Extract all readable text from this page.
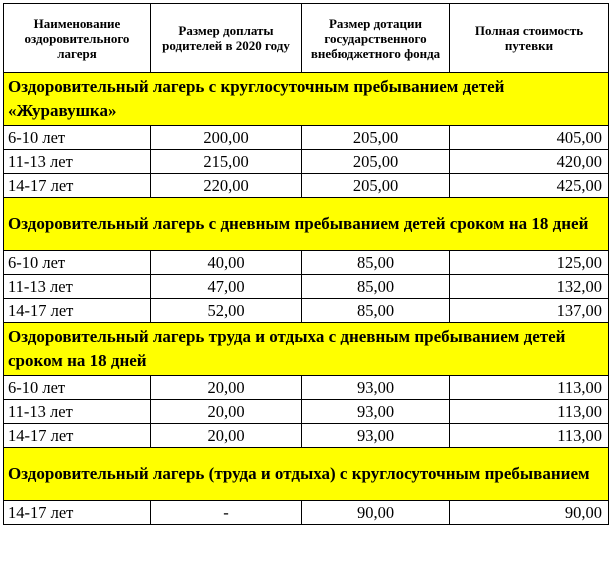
Наименование оздоровительного лагеря	Размер доплаты родителей в 2020 году	Размер дотации государственного внебюджетного фонда	Полная стоимость путевки
Оздоровительный лагерь с круглосуточным пребыванием детей «Журавушка»			
6-10 лет	200,00	205,00	405,00
11-13 лет	215,00	205,00	420,00
14-17 лет	220,00	205,00	425,00
Оздоровительный лагерь с дневным пребыванием детей сроком на 18 дней			
6-10 лет	40,00	85,00	125,00
11-13 лет	47,00	85,00	132,00
14-17 лет	52,00	85,00	137,00
Оздоровительный лагерь труда и отдыха с дневным пребыванием детей сроком на 18 дней			
6-10 лет	20,00	93,00	113,00
11-13 лет	20,00	93,00	113,00
14-17 лет	20,00	93,00	113,00
Оздоровительный лагерь (труда и отдыха) с круглосуточным пребыванием			
14-17 лет	-	90,00	90,00
